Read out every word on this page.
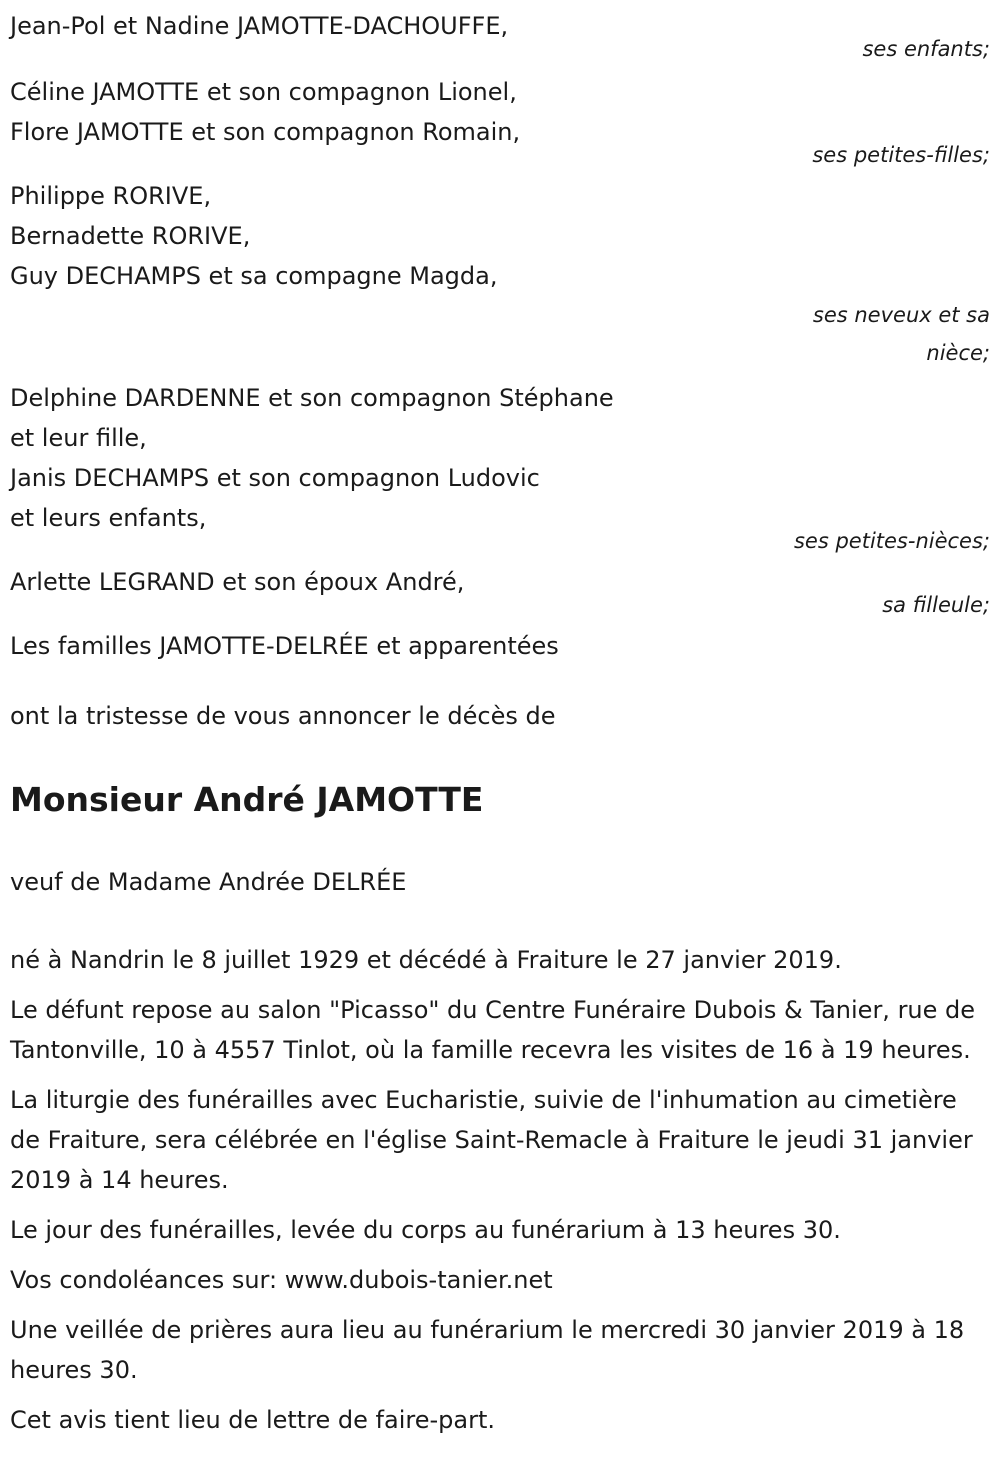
Jean-Pol et Nadine JAMOTTE-DACHOUFFE,
ses enfants;
Céline JAMOTTE et son compagnon Lionel,
Flore JAMOTTE et son compagnon Romain,
ses petites-filles;
Philippe RORIVE,
Bernadette RORIVE,
Guy DECHAMPS et sa compagne Magda,
ses neveux et sa nièce;
Delphine DARDENNE et son compagnon Stéphane
et leur fille,
Janis DECHAMPS et son compagnon Ludovic
et leurs enfants,
ses petites-nièces;
Arlette LEGRAND et son époux André,
sa filleule;
Les familles JAMOTTE-DELRÉE et apparentées
ont la tristesse de vous annoncer le décès de
Monsieur André JAMOTTE
veuf de Madame Andrée DELRÉE

né à Nandrin le 8 juillet 1929 et décédé à Fraiture le 27 janvier 2019.

Le défunt repose au salon "Picasso" du Centre Funéraire Dubois & Tanier, rue de Tantonville, 10 à 4557 Tinlot, où la famille recevra les visites de 16 à 19 heures.

La liturgie des funérailles avec Eucharistie, suivie de l'inhumation au cimetière de Fraiture, sera célébrée en l'église Saint-Remacle à Fraiture le jeudi 31 janvier 2019 à 14 heures.

Le jour des funérailles, levée du corps au funérarium à 13 heures 30.

Vos condoléances sur: www.dubois-tanier.net

Une veillée de prières aura lieu au funérarium le mercredi 30 janvier 2019 à 18 heures 30.

Cet avis tient lieu de lettre de faire-part.
